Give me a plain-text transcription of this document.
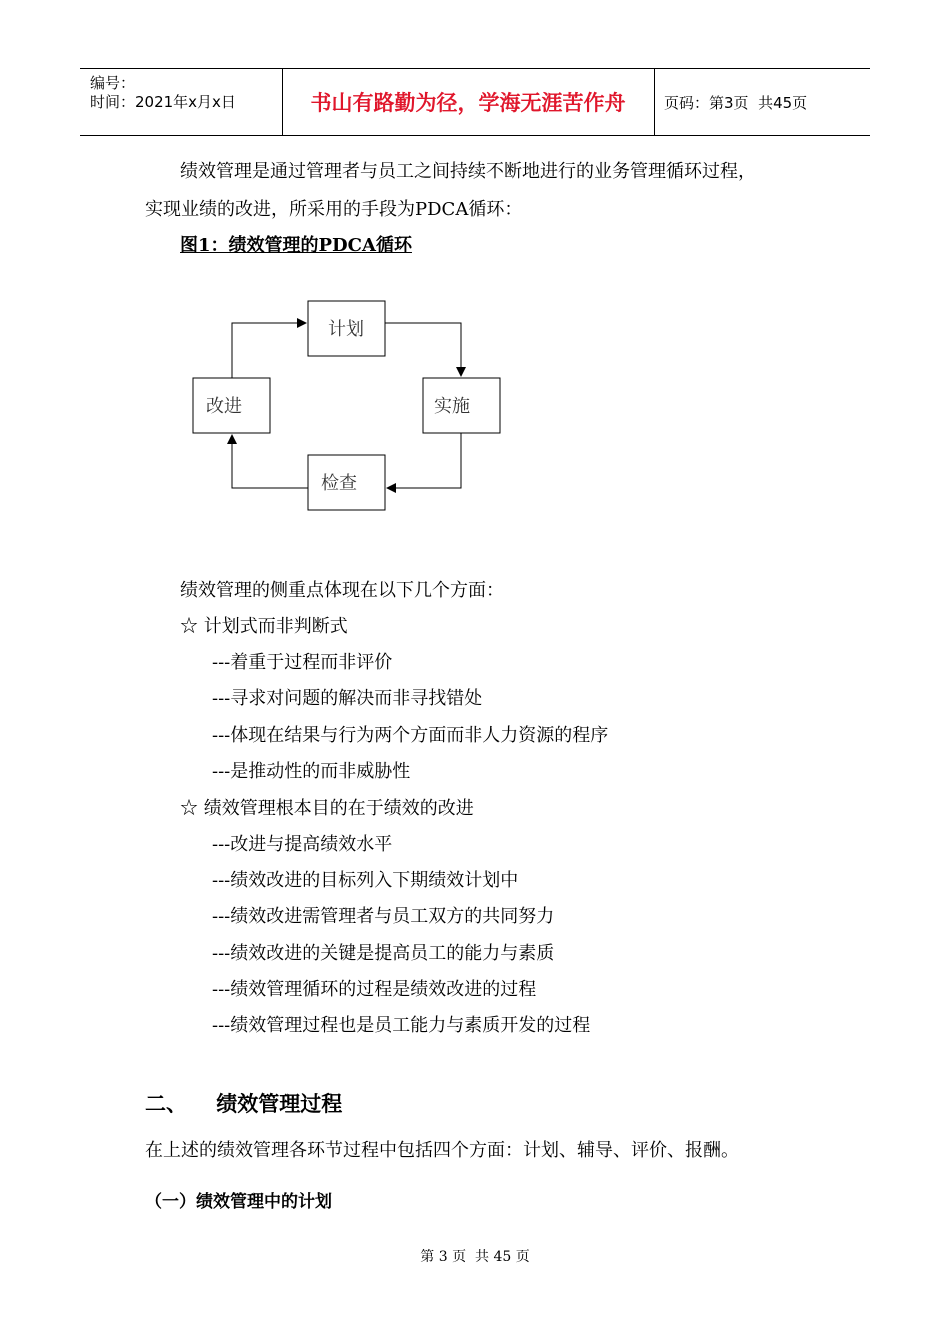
编号：
时间：2021年x月x日	书山有路勤为径，学海无涯苦作舟	页码：第3页  共45页
绩效管理是通过管理者与员工之间持续不断地进行的业务管理循环过程，
实现业绩的改进，所采用的手段为PDCA循环：
图1：绩效管理的PDCA循环
计划
实施
检查
改进
绩效管理的侧重点体现在以下几个方面：
☆ 计划式而非判断式
---着重于过程而非评价
---寻求对问题的解决而非寻找错处
---体现在结果与行为两个方面而非人力资源的程序
---是推动性的而非威胁性
☆ 绩效管理根本目的在于绩效的改进
---改进与提高绩效水平
---绩效改进的目标列入下期绩效计划中
---绩效改进需管理者与员工双方的共同努力
---绩效改进的关键是提高员工的能力与素质
---绩效管理循环的过程是绩效改进的过程
---绩效管理过程也是员工能力与素质开发的过程
二、    绩效管理过程
在上述的绩效管理各环节过程中包括四个方面：计划、辅导、评价、报酬。
（一）绩效管理中的计划
第 3 页  共 45 页
